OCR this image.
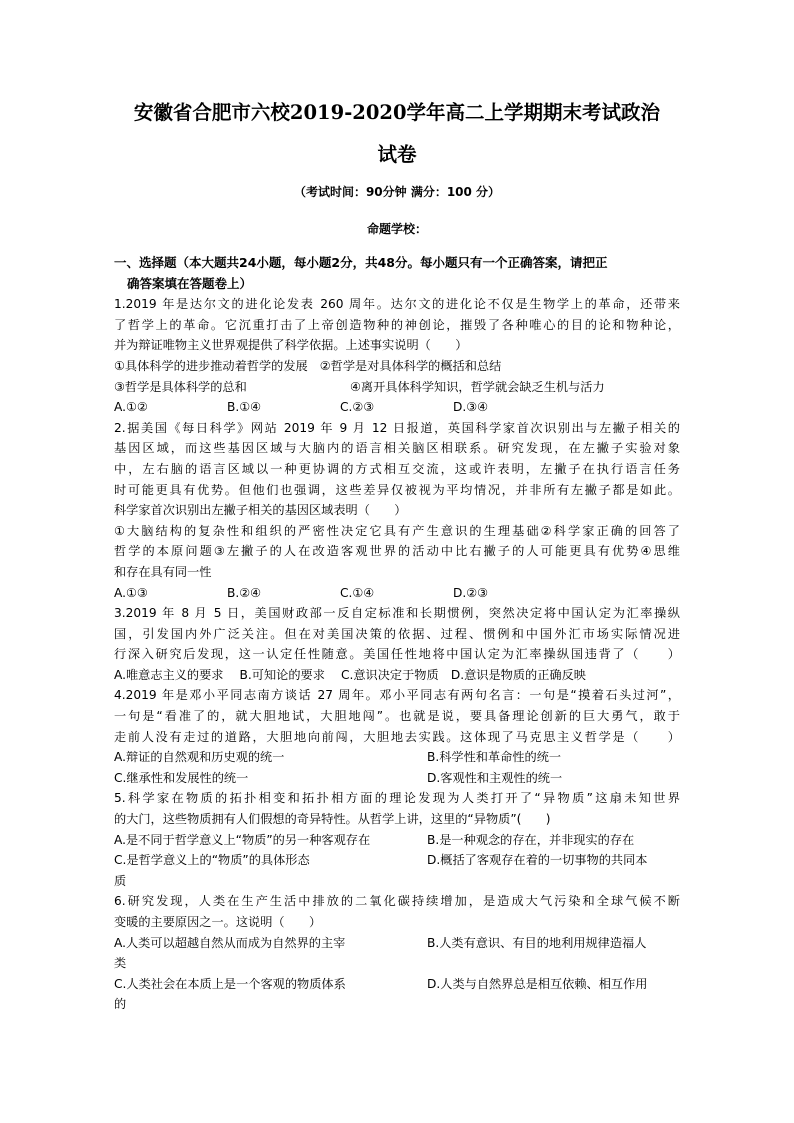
安徽省合肥市六校2019-2020学年高二上学期期末考试政治
试卷
（考试时间：90分钟 满分：100 分）
命题学校：
一、选择题（本大题共24小题，每小题2分，共48分。每小题只有一个正确答案，请把正
确答案填在答题卷上）
1.2019 年是达尔文的进化论发表 260 周年。达尔文的进化论不仅是生物学上的革命，还带来
了哲学上的革命。它沉重打击了上帝创造物种的神创论，摧毁了各种唯心的目的论和物种论，
并为辩证唯物主义世界观提供了科学依据。上述事实说明（　　）
①具体科学的进步推动着哲学的发展 ②哲学是对具体科学的概括和总结
③哲学是具体科学的总和	④离开具体科学知识，哲学就会缺乏生机与活力
A.①②	B.①④	C.②③	D.③④
2.据美国《每日科学》网站 2019 年 9 月 12 日报道，英国科学家首次识别出与左撇子相关的
基因区域，而这些基因区域与大脑内的语言相关脑区相联系。研究发现，在左撇子实验对象
中，左右脑的语言区域以一种更协调的方式相互交流，这或许表明，左撇子在执行语言任务
时可能更具有优势。但他们也强调，这些差异仅被视为平均情况，并非所有左撇子都是如此。
科学家首次识别出左撇子相关的基因区域表明（　　）
①大脑结构的复杂性和组织的严密性决定它具有产生意识的生理基础②科学家正确的回答了
哲学的本原问题③左撇子的人在改造客观世界的活动中比右撇子的人可能更具有优势④思维
和存在具有同一性
A.①③	B.②④	C.①④	D.②③
3.2019 年 8 月 5 日，美国财政部一反自定标准和长期惯例，突然决定将中国认定为汇率操纵
国，引发国内外广泛关注。但在对美国决策的依据、过程、惯例和中国外汇市场实际情况进
行深入研究后发现，这一认定任性随意。美国任性地将中国认定为汇率操纵国违背了（　　）
A.唯意志主义的要求　 B.可知论的要求　 C.意识决定于物质　D.意识是物质的正确反映
4.2019 年是邓小平同志南方谈话 27 周年。邓小平同志有两句名言：一句是“摸着石头过河”，
一句是“看准了的，就大胆地试，大胆地闯”。也就是说，要具备理论创新的巨大勇气，敢于
走前人没有走过的道路，大胆地向前闯，大胆地去实践。这体现了马克思主义哲学是（　　）
A.辩证的自然观和历史观的统一	B.科学性和革命性的统一
C.继承性和发展性的统一	D.客观性和主观性的统一
5.科学家在物质的拓扑相变和拓扑相方面的理论发现为人类打开了“异物质”这扇未知世界
的大门，这些物质拥有人们假想的奇异特性。从哲学上讲，这里的“异物质”(　　)
A.是不同于哲学意义上“物质”的另一种客观存在	B.是一种观念的存在，并非现实的存在
C.是哲学意义上的“物质”的具体形态	D.概括了客观存在着的一切事物的共同本
质
6.研究发现，人类在生产生活中排放的二氧化碳持续增加，是造成大气污染和全球气候不断
变暖的主要原因之一。这说明（　　）
A.人类可以超越自然从而成为自然界的主宰	B.人类有意识、有目的地利用规律造福人
类
C.人类社会在本质上是一个客观的物质体系	D.人类与自然界总是相互依赖、相互作用
的
